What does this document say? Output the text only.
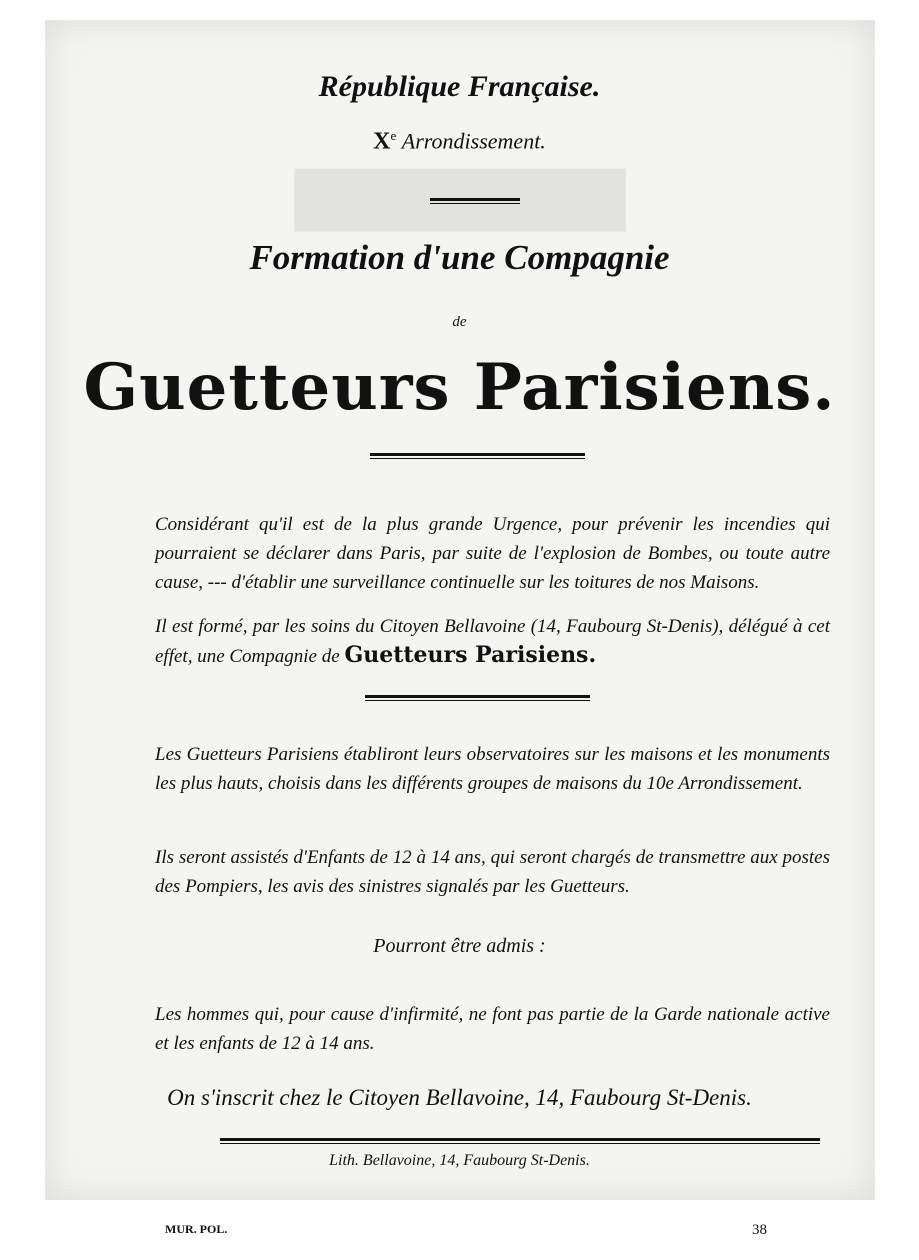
█████████
République Française.
Xe Arrondissement.
Formation d'une Compagnie
de
Guetteurs Parisiens.
Considérant qu'il est de la plus grande Urgence, pour prévenir les incendies qui pourraient se déclarer dans Paris, par suite de l'explosion de Bombes, ou toute autre cause, --- d'établir une surveillance continuelle sur les toitures de nos Maisons.
Il est formé, par les soins du Citoyen Bellavoine (14, Faubourg St-Denis), délégué à cet effet, une Compagnie de Guetteurs Parisiens.
Les Guetteurs Parisiens établiront leurs observatoires sur les maisons et les monuments les plus hauts, choisis dans les différents groupes de maisons du 10e Arrondissement.
Ils seront assistés d'Enfants de 12 à 14 ans, qui seront chargés de transmettre aux postes des Pompiers, les avis des sinistres signalés par les Guetteurs.
Pourront être admis :
Les hommes qui, pour cause d'infirmité, ne font pas partie de la Garde nationale active et les enfants de 12 à 14 ans.
On s'inscrit chez le Citoyen Bellavoine, 14, Faubourg St-Denis.
Lith. Bellavoine, 14, Faubourg St-Denis.
MUR. POL.	38
